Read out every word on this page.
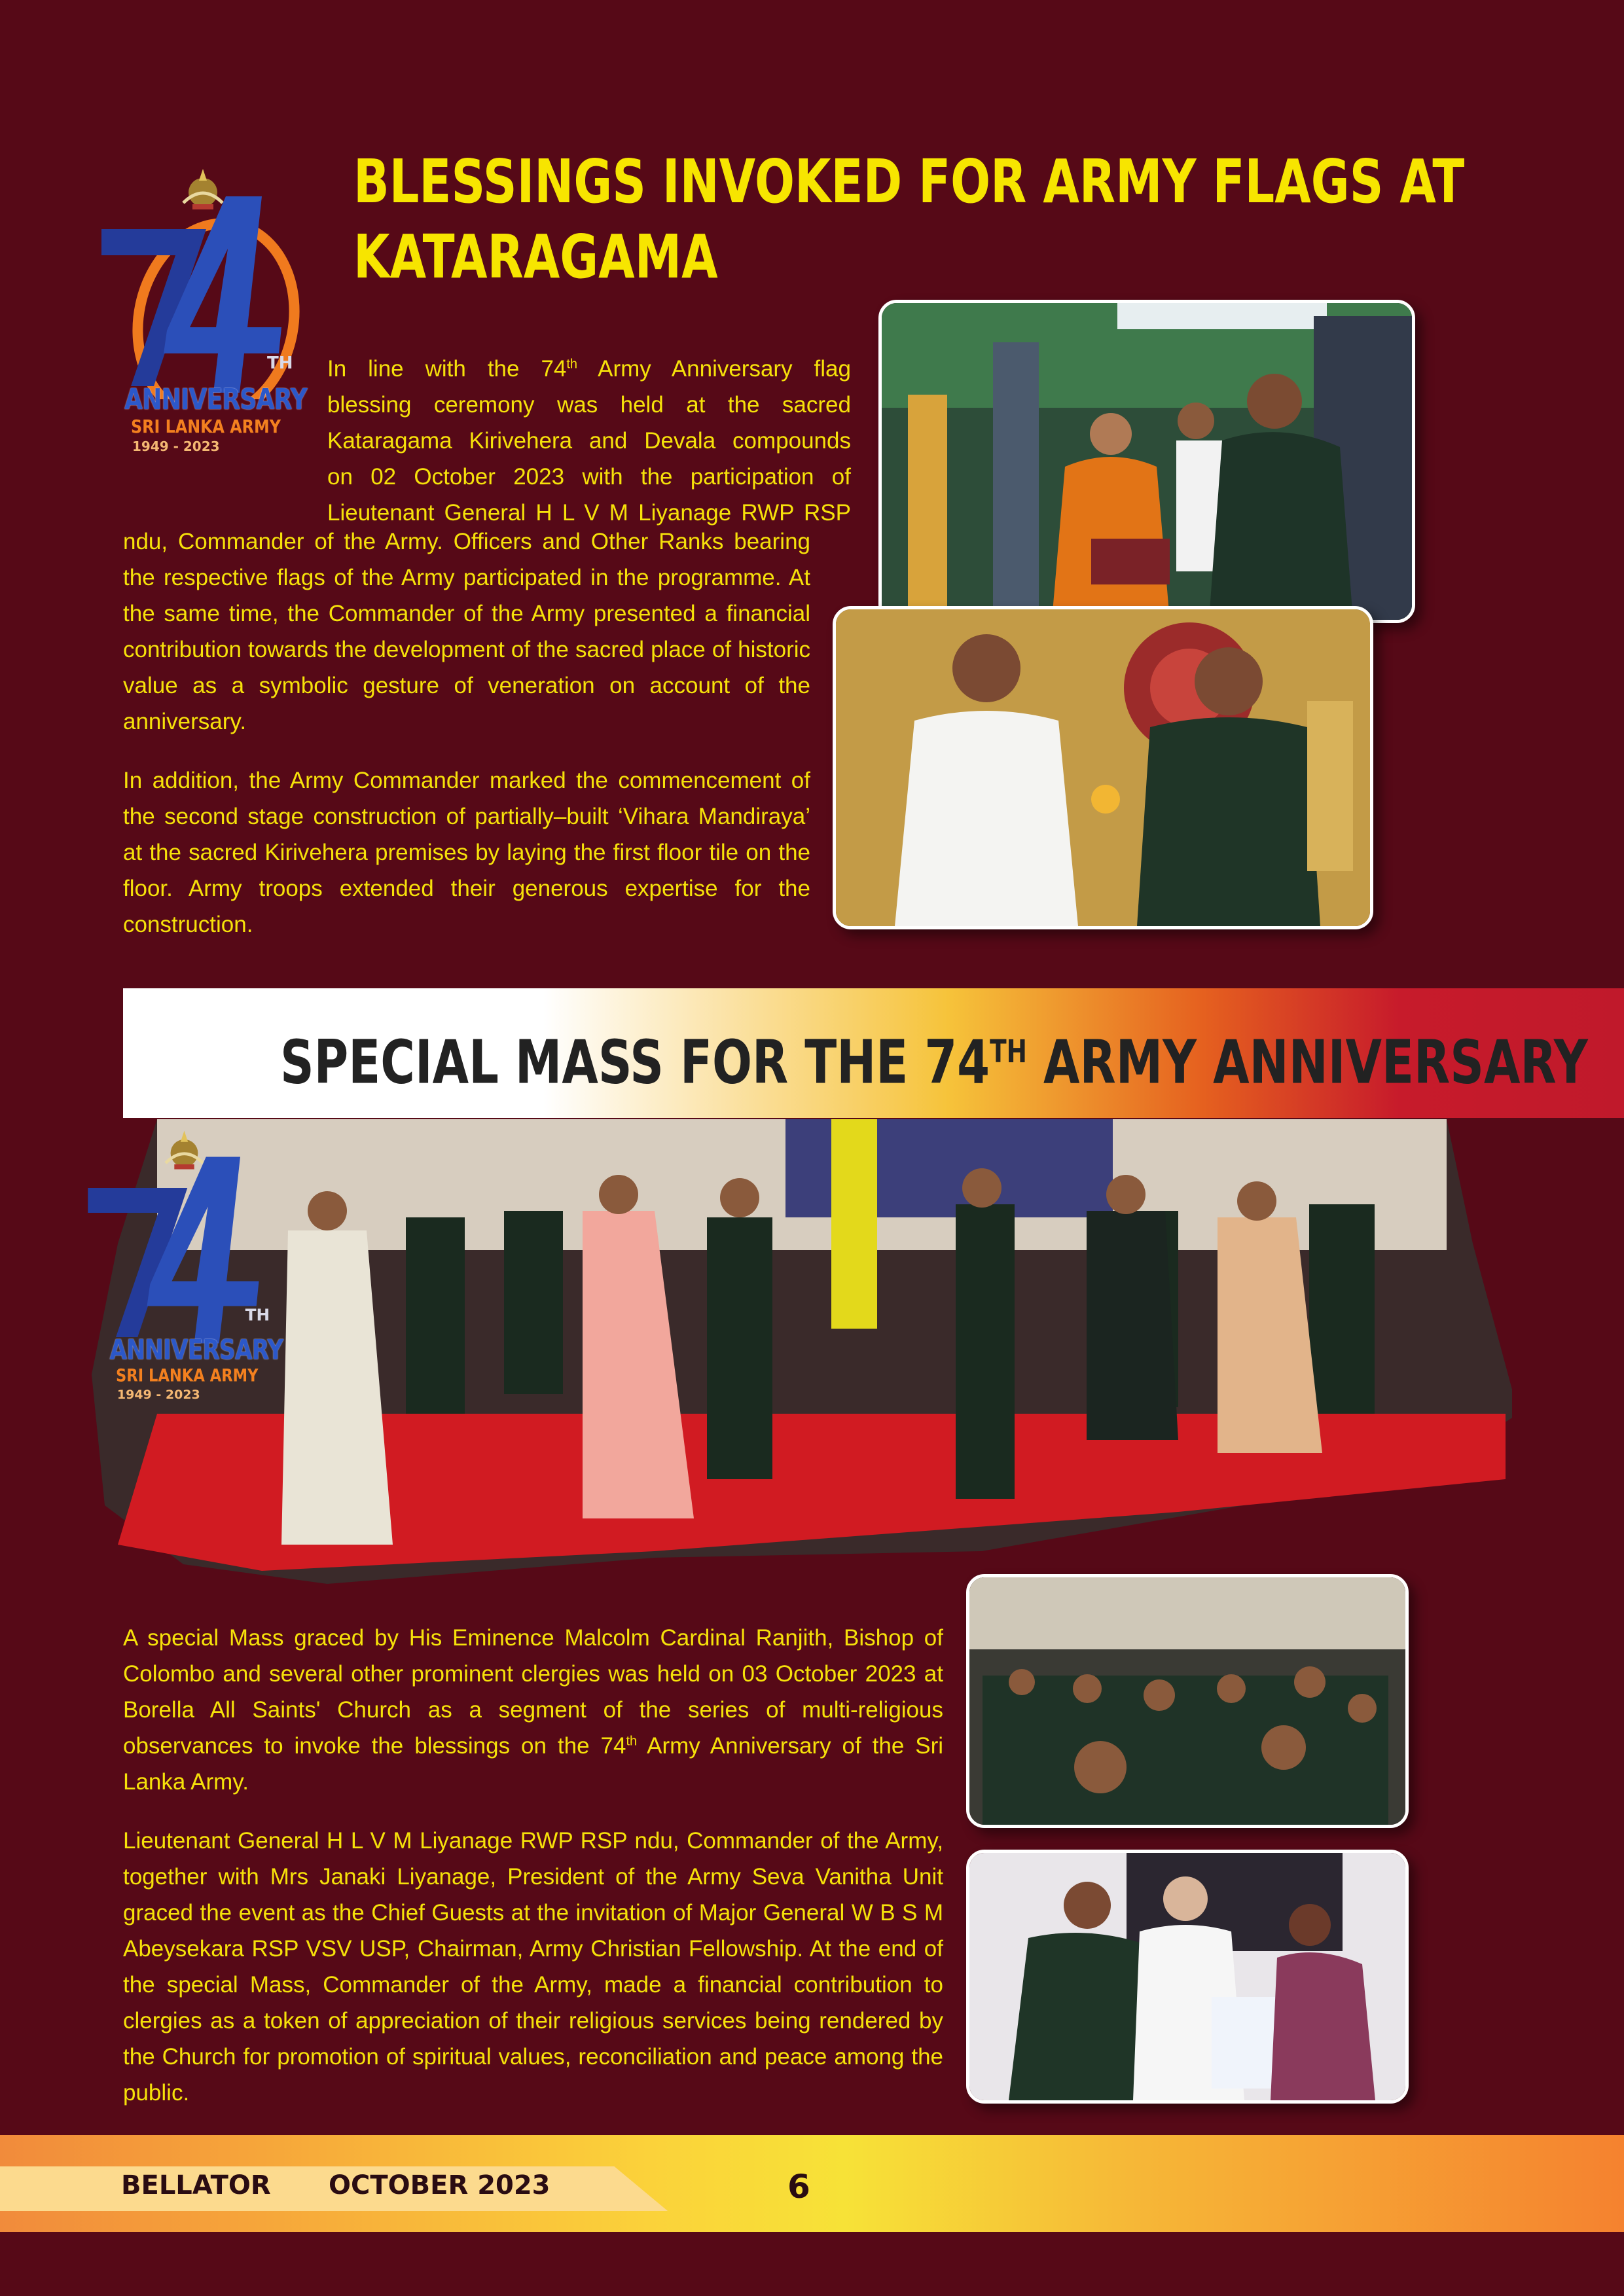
TH
ANNIVERSARY
SRI LANKA ARMY
1949 - 2023

BLESSINGS INVOKED FOR ARMY FLAGS AT

KATARAGAMA

In line with the 74th Army Anniversary flag

blessing ceremony was held at the sacred

Kataragama Kirivehera and Devala compounds

on 02 October 2023 with the participation of

Lieutenant General H L V M Liyanage RWP RSP

ndu, Commander of the Army. Officers and Other Ranks bearing the respective flags of the Army participated in the programme. At the same time, the Commander of the Army presented a financial contribution towards the development of the sacred place of historic value as a symbolic gesture of veneration on account of the anniversary.

In addition, the Army Commander marked the commencement of the second stage construction of partially–built ‘Vihara Mandiraya’ at the sacred Kirivehera premises by laying the first floor tile on the floor. Army troops extended their generous expertise for the construction.

SPECIAL MASS FOR THE 74TH ARMY ANNIVERSARY
TH
ANNIVERSARY
SRI LANKA ARMY
1949 - 2023

A special Mass graced by His Eminence Malcolm Cardinal Ranjith, Bishop of Colombo and several other prominent clergies was held on 03 October 2023 at Borella All Saints' Church as a segment of the series of multi-religious observances to invoke the blessings on the 74th Army Anniversary of the Sri Lanka Army.

Lieutenant General H L V M Liyanage RWP RSP ndu, Commander of the Army, together with Mrs Janaki Liyanage, President of the Army Seva Vanitha Unit graced the event as the Chief Guests at the invitation of Major General W B S M Abeysekara RSP VSV USP, Chairman, Army Christian Fellowship. At the end of the special Mass, Commander of the Army, made a financial contribution to clergies as a token of appreciation of their religious services being rendered by the Church for promotion of spiritual values, reconciliation and peace among the public.

BELLATOR OCTOBER 2023	6
